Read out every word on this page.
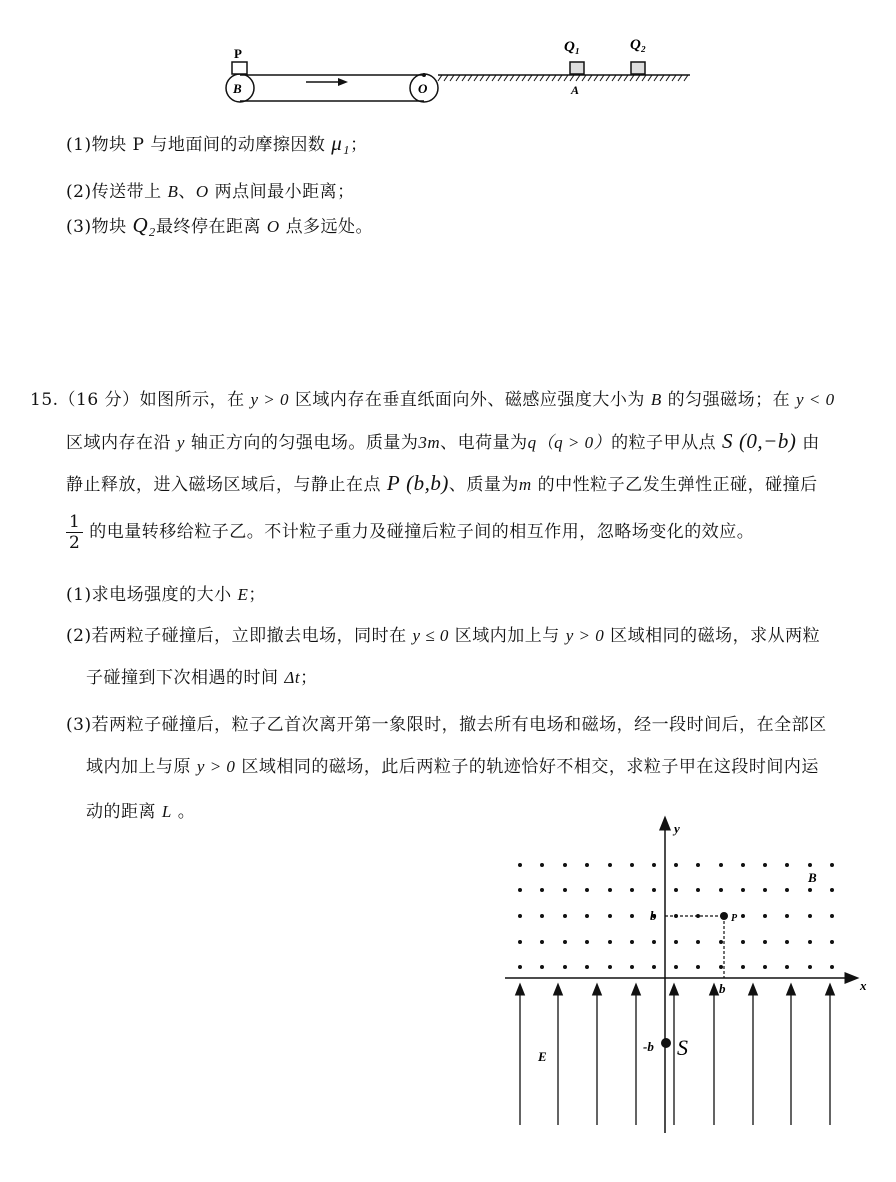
P
B	O
Q₁	Q₂
A
(1)物块 P 与地面间的动摩擦因数 μ₁；
(2)传送带上 B、O 两点间最小距离；
(3)物块 Q₂最终停在距离 O 点多远处。
15.（16 分）如图所示，在 y > 0 区域内存在垂直纸面向外、磁感应强度大小为 B 的匀强磁场；在 y < 0
区域内存在沿 y 轴正方向的匀强电场。质量为3m、电荷量为q（q > 0）的粒子甲从点 S (0,−b) 由
静止释放，进入磁场区域后，与静止在点 P (b,b)、质量为m 的中性粒子乙发生弹性正碰，碰撞后
$\frac{1}{2}$ 的电量转移给粒子乙。不计粒子重力及碰撞后粒子间的相互作用，忽略场变化的效应。
(1)求电场强度的大小 E；
(2)若两粒子碰撞后，立即撤去电场，同时在 y ≤ 0 区域内加上与 y > 0 区域相同的磁场，求从两粒
子碰撞到下次相遇的时间 Δt；
(3)若两粒子碰撞后，粒子乙首次离开第一象限时，撤去所有电场和磁场，经一段时间后，在全部区
域内加上与原 y > 0 区域相同的磁场，此后两粒子的轨迹恰好不相交，求粒子甲在这段时间内运
动的距离 L 。
y
x
B
P
b
b
-b S
E
